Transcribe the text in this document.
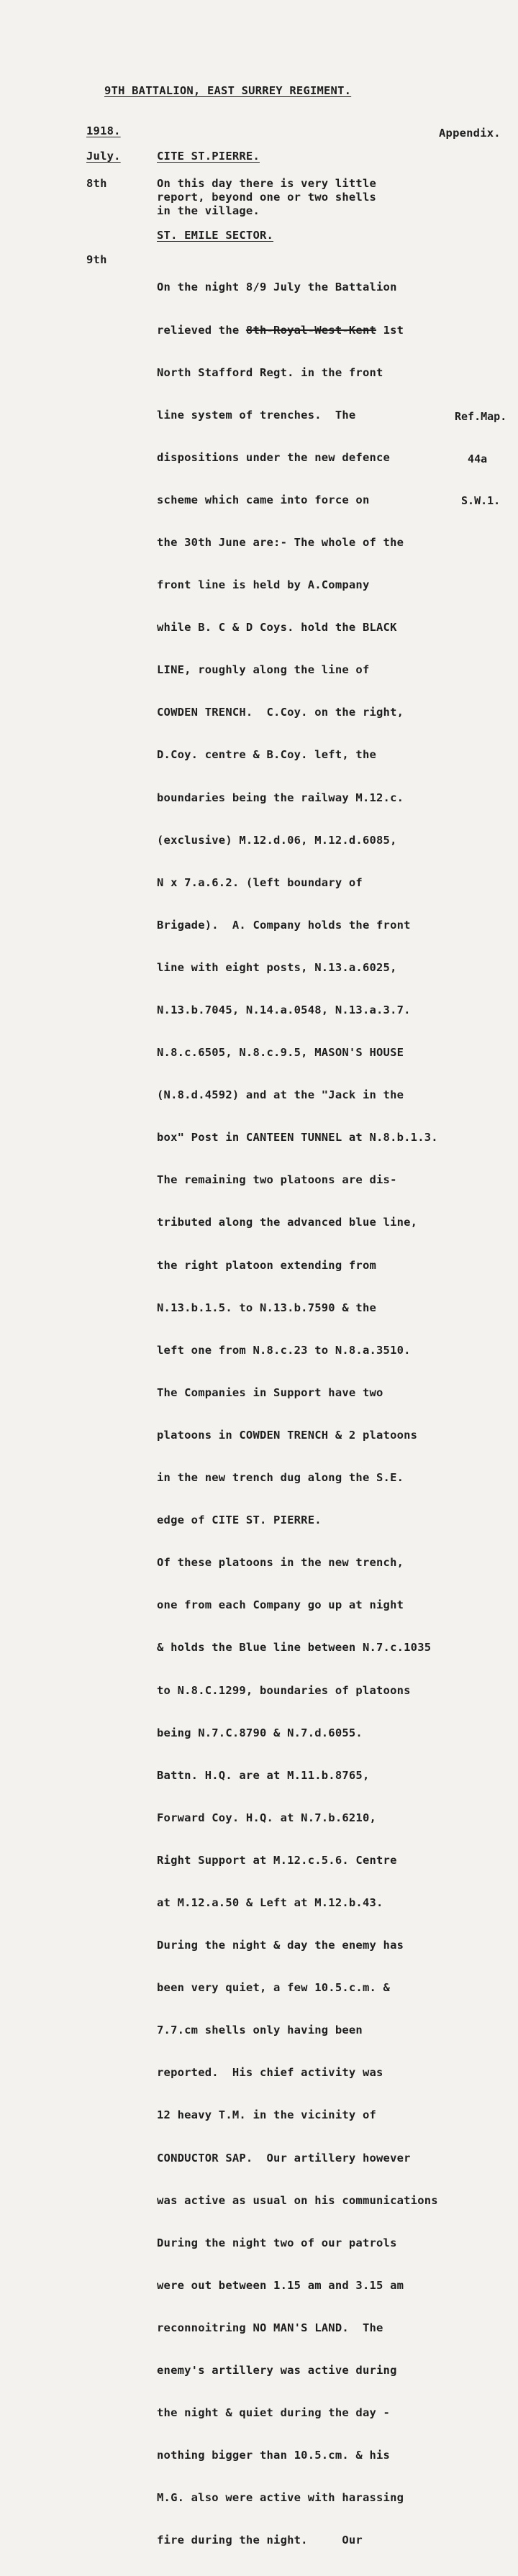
9TH BATTALION, EAST SURREY REGIMENT.
1918.	Appendix.
July.	CITE ST.PIERRE.
8th	On this day there is very little
report, beyond one or two shells
in the village.
ST. EMILE SECTOR.
9th

On the night 8/9 July the Battalion

relieved the 8th-Royal-West-Kent 1st

North Stafford Regt. in the front

line system of trenches.  The

dispositions under the new defence

scheme which came into force on

the 30th June are:- The whole of the

front line is held by A.Company

while B. C & D Coys. hold the BLACK

LINE, roughly along the line of

COWDEN TRENCH.  C.Coy. on the right,

D.Coy. centre & B.Coy. left, the

boundaries being the railway M.12.c.

(exclusive) M.12.d.06, M.12.d.6085,

N x 7.a.6.2. (left boundary of

Brigade).  A. Company holds the front

line with eight posts, N.13.a.6025,

N.13.b.7045, N.14.a.0548, N.13.a.3.7.

N.8.c.6505, N.8.c.9.5, MASON'S HOUSE

(N.8.d.4592) and at the "Jack in the

box" Post in CANTEEN TUNNEL at N.8.b.1.3.

The remaining two platoons are dis-

tributed along the advanced blue line,

the right platoon extending from

N.13.b.1.5. to N.13.b.7590 & the

left one from N.8.c.23 to N.8.a.3510.

The Companies in Support have two

platoons in COWDEN TRENCH & 2 platoons

in the new trench dug along the S.E.

edge of CITE ST. PIERRE.

Of these platoons in the new trench,

one from each Company go up at night

& holds the Blue line between N.7.c.1035

to N.8.C.1299, boundaries of platoons

being N.7.C.8790 & N.7.d.6055.

Battn. H.Q. are at M.11.b.8765,

Forward Coy. H.Q. at N.7.b.6210,

Right Support at M.12.c.5.6. Centre

at M.12.a.50 & Left at M.12.b.43.

During the night & day the enemy has

been very quiet, a few 10.5.c.m. &

7.7.cm shells only having been

reported.  His chief activity was

12 heavy T.M. in the vicinity of

CONDUCTOR SAP.  Our artillery however

was active as usual on his communications

During the night two of our patrols

were out between 1.15 am and 3.15 am

reconnoitring NO MAN'S LAND.  The

enemy's artillery was active during

the night & quiet during the day -

nothing bigger than 10.5.cm. & his

M.G. also were active with harassing

fire during the night.     Our

Ref.Map.

44a

S.W.1.
